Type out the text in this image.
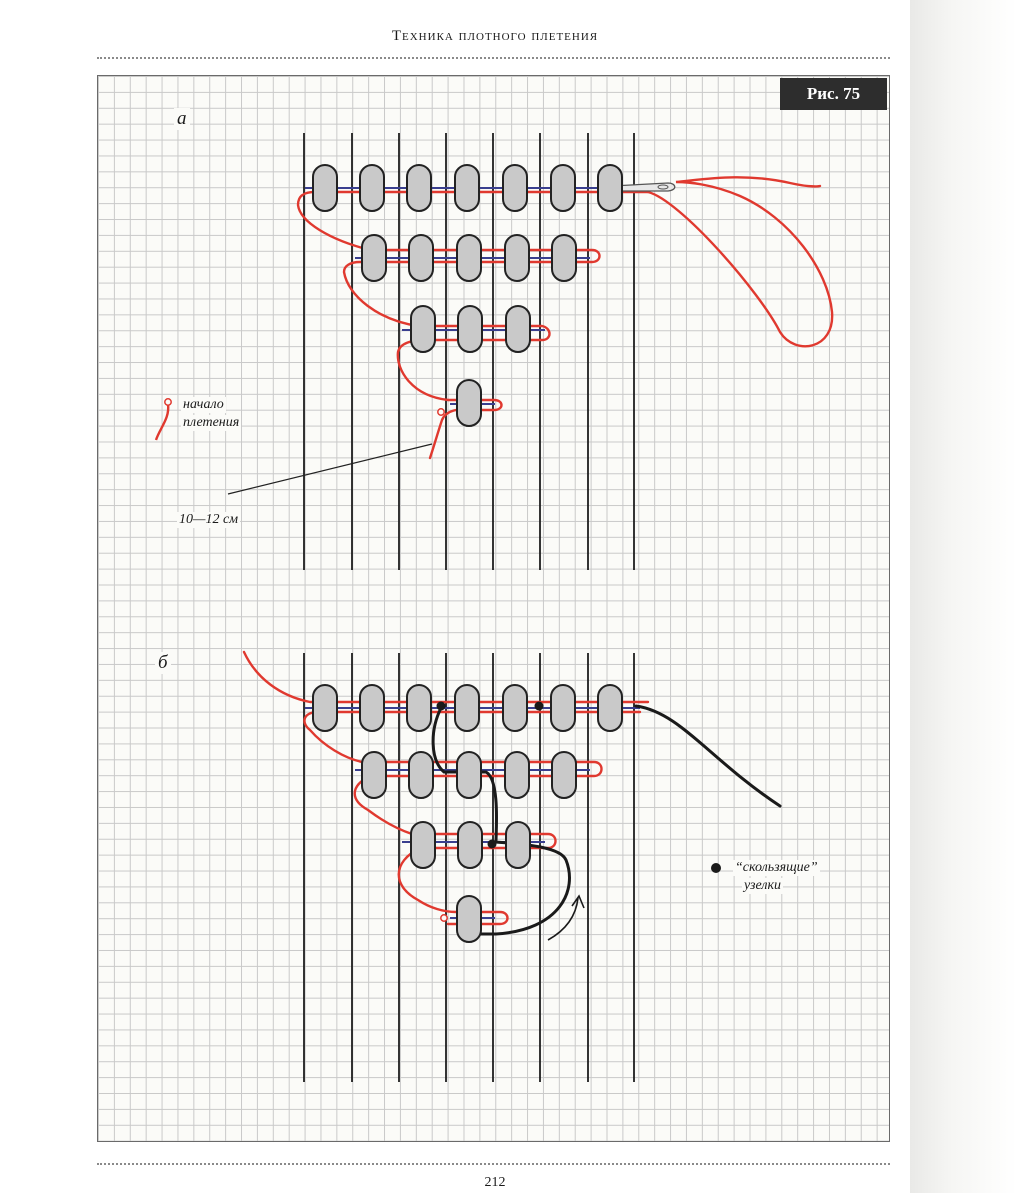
Техника плотного плетения
Рис. 75
а
б
начало
плетения
10—12 см
“скользящие”
узелки
212
